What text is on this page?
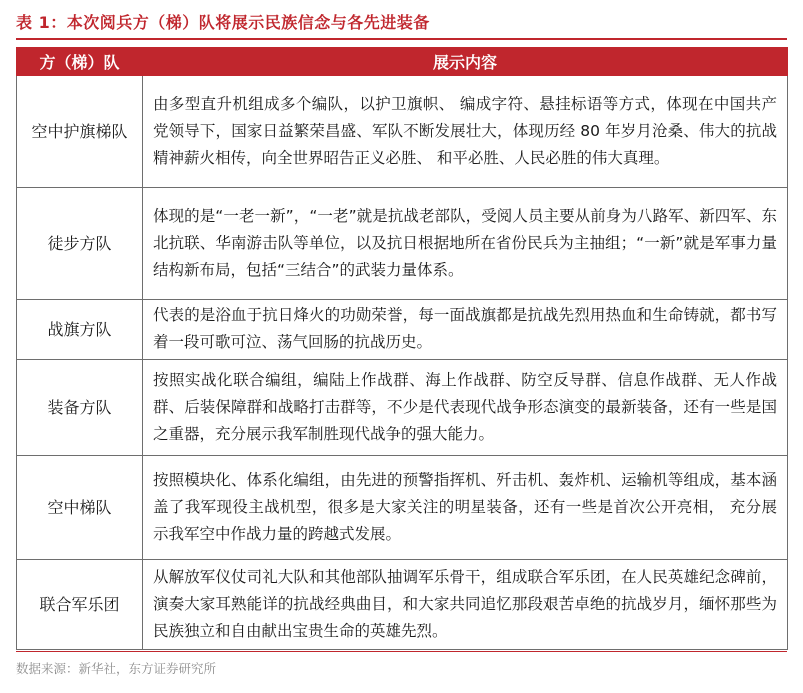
表 1：本次阅兵方（梯）队将展示民族信念与各先进装备
方（梯）队	展示内容
空中护旗梯队	由多型直升机组成多个编队，以护卫旗帜、 编成字符、悬挂标语等方式，体现在中国共产党领导下，国家日益繁荣昌盛、军队不断发展壮大，体现历经 80 年岁月沧桑、伟大的抗战精神薪火相传，向全世界昭告正义必胜、 和平必胜、人民必胜的伟大真理。
徒步方队	体现的是“一老一新”，“一老”就是抗战老部队，受阅人员主要从前身为八路军、新四军、东北抗联、华南游击队等单位，以及抗日根据地所在省份民兵为主抽组；“一新”就是军事力量结构新布局，包括“三结合”的武装力量体系。
战旗方队	代表的是浴血于抗日烽火的功勋荣誉，每一面战旗都是抗战先烈用热血和生命铸就，都书写着一段可歌可泣、荡气回肠的抗战历史。
装备方队	按照实战化联合编组，编陆上作战群、海上作战群、防空反导群、信息作战群、无人作战群、后装保障群和战略打击群等，不少是代表现代战争形态演变的最新装备，还有一些是国之重器，充分展示我军制胜现代战争的强大能力。
空中梯队	按照模块化、体系化编组，由先进的预警指挥机、歼击机、轰炸机、运输机等组成，基本涵盖了我军现役主战机型，很多是大家关注的明星装备，还有一些是首次公开亮相， 充分展示我军空中作战力量的跨越式发展。
联合军乐团	从解放军仪仗司礼大队和其他部队抽调军乐骨干，组成联合军乐团，在人民英雄纪念碑前，演奏大家耳熟能详的抗战经典曲目，和大家共同追忆那段艰苦卓绝的抗战岁月，缅怀那些为民族独立和自由献出宝贵生命的英雄先烈。
数据来源：新华社，东方证券研究所
